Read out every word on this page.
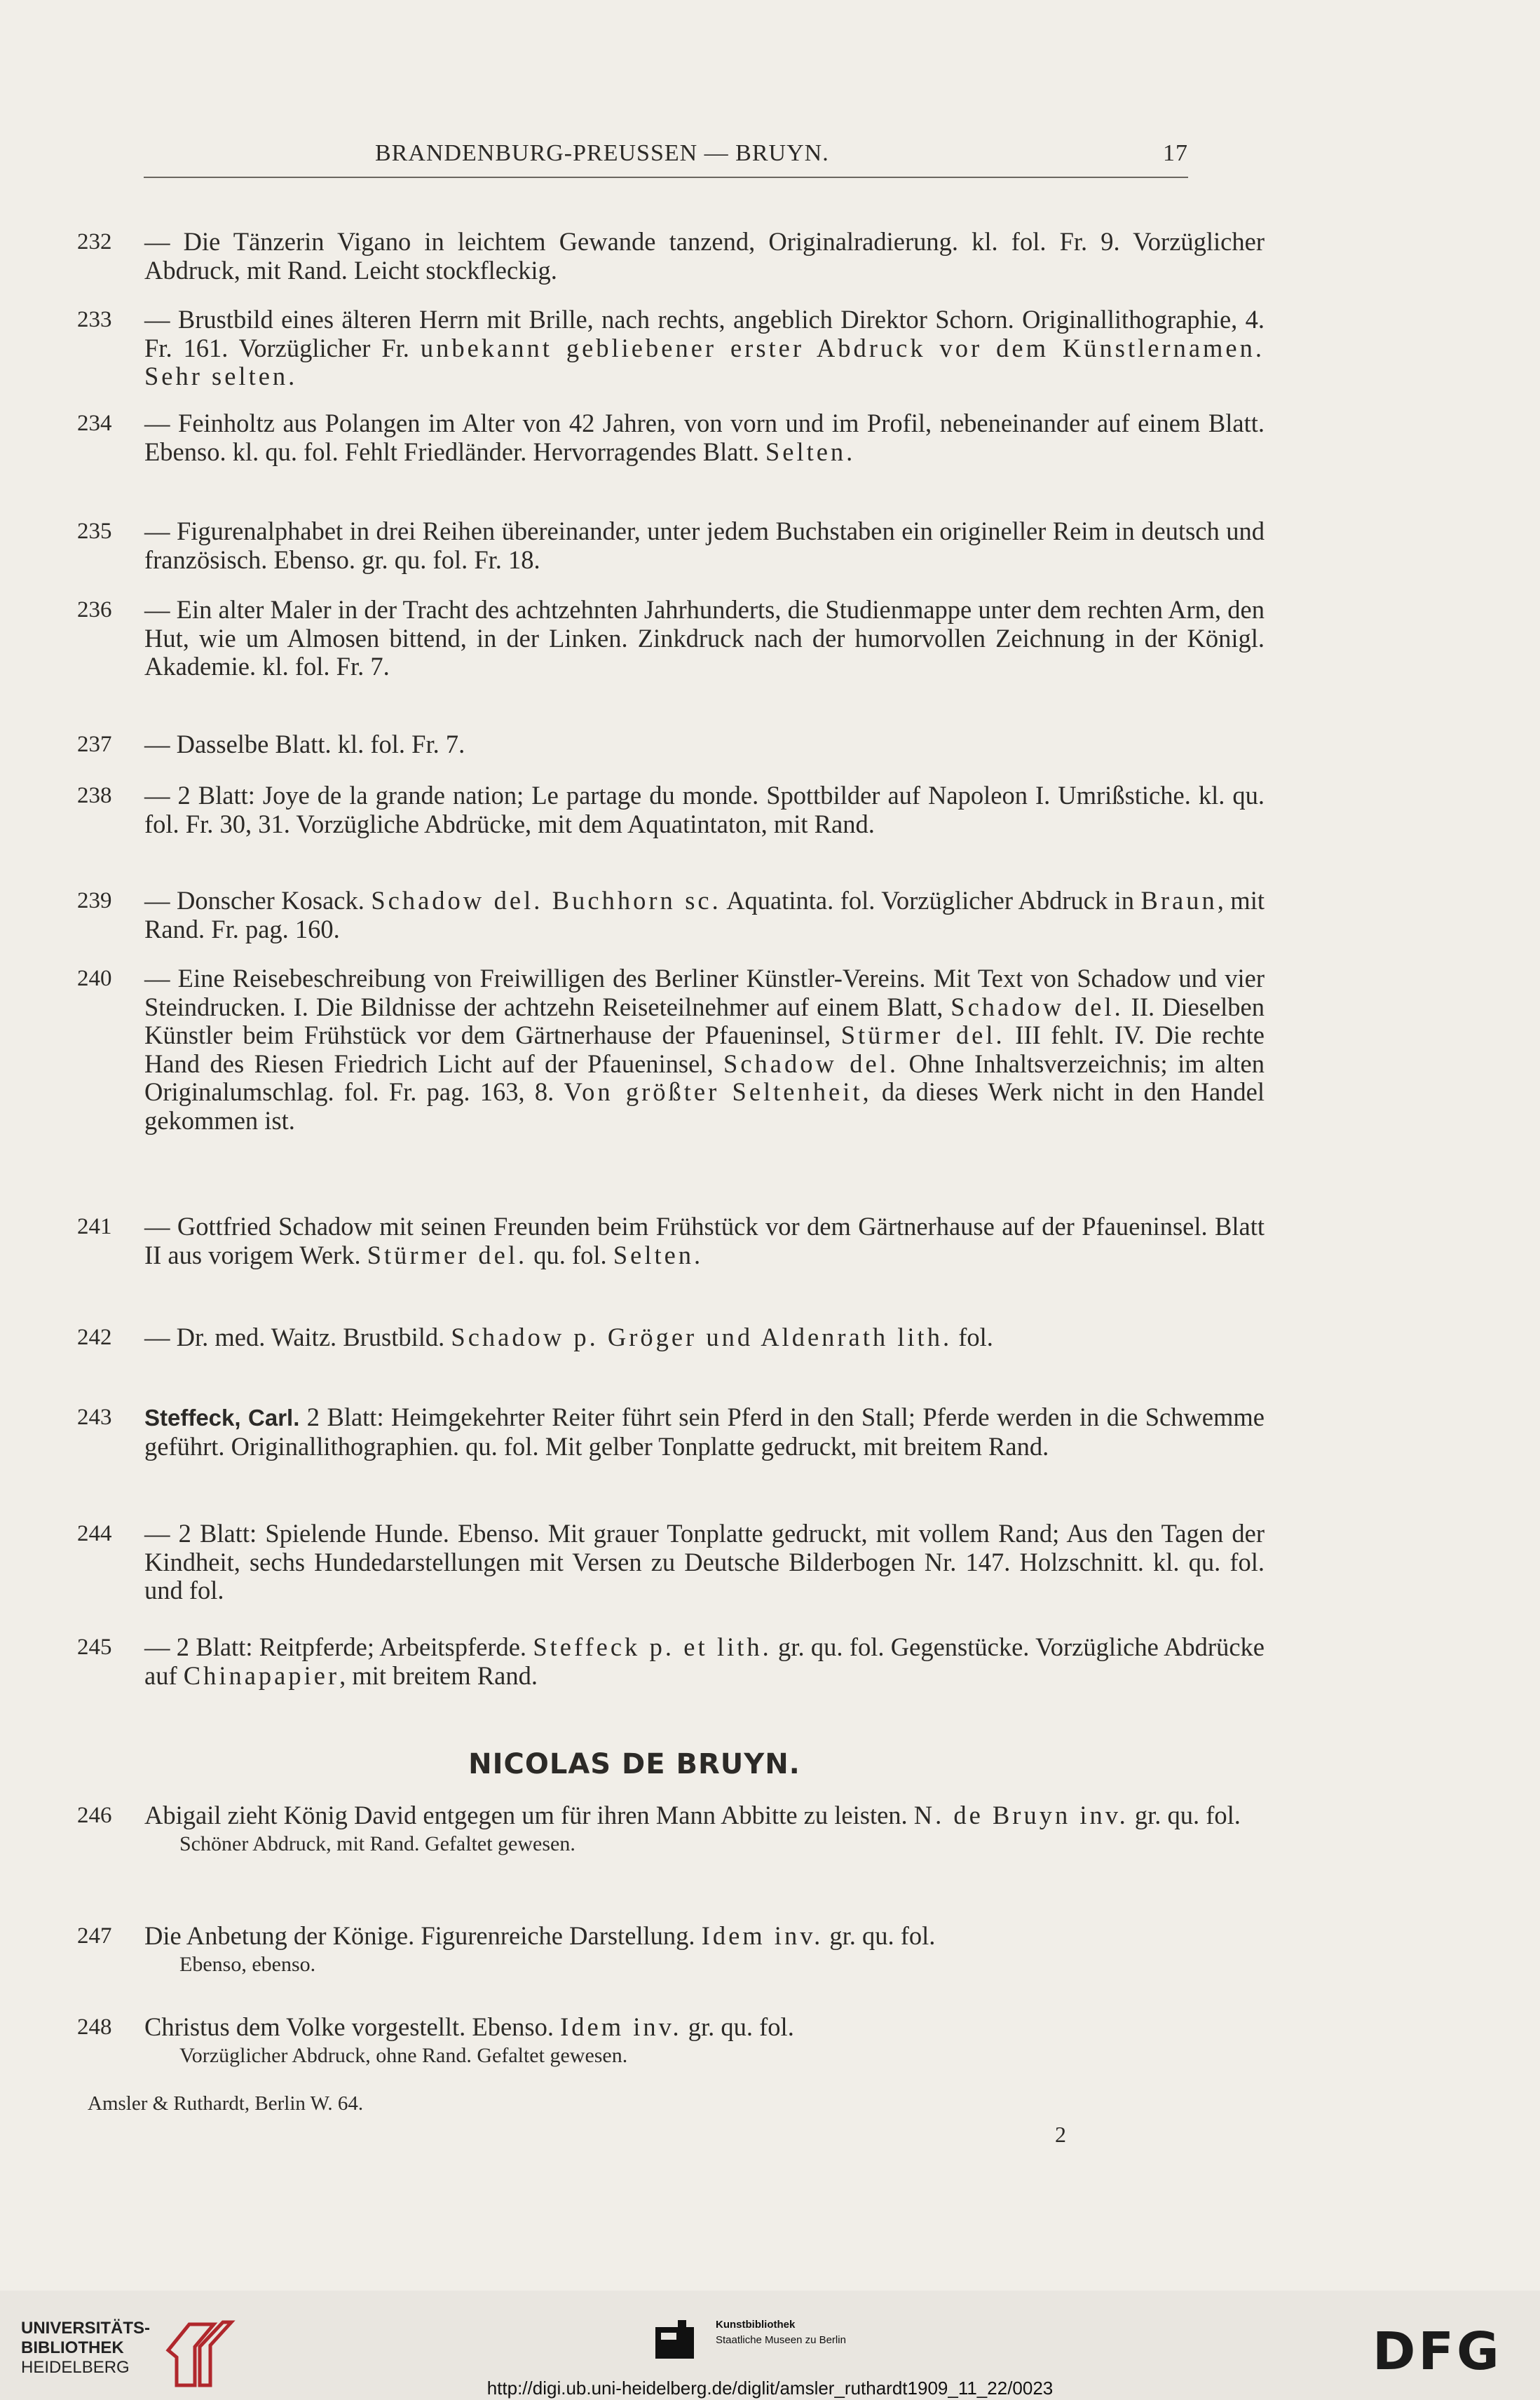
BRANDENBURG-PREUSSEN — BRUYN.	17
232	— Die Tänzerin Vigano in leichtem Gewande tanzend, Originalradierung. kl. fol. Fr. 9. Vorzüglicher Abdruck, mit Rand. Leicht stockfleckig.
233	— Brustbild eines älteren Herrn mit Brille, nach rechts, angeblich Direktor Schorn. Originallithographie, 4. Fr. 161. Vorzüglicher Fr. unbekannt gebliebener erster Abdruck vor dem Künstlernamen. Sehr selten.
234	— Feinholtz aus Polangen im Alter von 42 Jahren, von vorn und im Profil, nebeneinander auf einem Blatt. Ebenso. kl. qu. fol. Fehlt Friedländer. Hervorragendes Blatt. Selten.
235	— Figurenalphabet in drei Reihen übereinander, unter jedem Buchstaben ein origineller Reim in deutsch und französisch. Ebenso. gr. qu. fol. Fr. 18.
236	— Ein alter Maler in der Tracht des achtzehnten Jahrhunderts, die Studienmappe unter dem rechten Arm, den Hut, wie um Almosen bittend, in der Linken. Zinkdruck nach der humorvollen Zeichnung in der Königl. Akademie. kl. fol. Fr. 7.
237	— Dasselbe Blatt. kl. fol. Fr. 7.
238	— 2 Blatt: Joye de la grande nation; Le partage du monde. Spottbilder auf Napoleon I. Umrißstiche. kl. qu. fol. Fr. 30, 31. Vorzügliche Abdrücke, mit dem Aquatintaton, mit Rand.
239	— Donscher Kosack. Schadow del. Buchhorn sc. Aquatinta. fol. Vorzüglicher Abdruck in Braun, mit Rand. Fr. pag. 160.
240	— Eine Reisebeschreibung von Freiwilligen des Berliner Künstler-Vereins. Mit Text von Schadow und vier Steindrucken. I. Die Bildnisse der achtzehn Reiseteilnehmer auf einem Blatt, Schadow del. II. Dieselben Künstler beim Frühstück vor dem Gärtnerhause der Pfaueninsel, Stürmer del. III fehlt. IV. Die rechte Hand des Riesen Friedrich Licht auf der Pfaueninsel, Schadow del. Ohne Inhaltsverzeichnis; im alten Originalumschlag. fol. Fr. pag. 163, 8. Von größter Seltenheit, da dieses Werk nicht in den Handel gekommen ist.
241	— Gottfried Schadow mit seinen Freunden beim Frühstück vor dem Gärtnerhause auf der Pfaueninsel. Blatt II aus vorigem Werk. Stürmer del. qu. fol. Selten.
242	— Dr. med. Waitz. Brustbild. Schadow p. Gröger und Aldenrath lith. fol.
243	Steffeck, Carl. 2 Blatt: Heimgekehrter Reiter führt sein Pferd in den Stall; Pferde werden in die Schwemme geführt. Originallithographien. qu. fol. Mit gelber Tonplatte gedruckt, mit breitem Rand.
244	— 2 Blatt: Spielende Hunde. Ebenso. Mit grauer Tonplatte gedruckt, mit vollem Rand; Aus den Tagen der Kindheit, sechs Hundedarstellungen mit Versen zu Deutsche Bilderbogen Nr. 147. Holzschnitt. kl. qu. fol. und fol.
245	— 2 Blatt: Reitpferde; Arbeitspferde. Steffeck p. et lith. gr. qu. fol. Gegenstücke. Vorzügliche Abdrücke auf Chinapapier, mit breitem Rand.
NICOLAS DE BRUYN.
246	Abigail zieht König David entgegen um für ihren Mann Abbitte zu leisten. N. de Bruyn inv. gr. qu. fol.
Schöner Abdruck, mit Rand. Gefaltet gewesen.
247	Die Anbetung der Könige. Figurenreiche Darstellung. Idem inv. gr. qu. fol.
Ebenso, ebenso.
248	Christus dem Volke vorgestellt. Ebenso. Idem inv. gr. qu. fol.
Vorzüglicher Abdruck, ohne Rand. Gefaltet gewesen.
Amsler & Ruthardt, Berlin W. 64.
2
UNIVERSITÄTS-
BIBLIOTHEK
HEIDELBERG
Kunstbibliothek
Staatliche Museen zu Berlin	DFG
http://digi.ub.uni-heidelberg.de/diglit/amsler_ruthardt1909_11_22/0023
